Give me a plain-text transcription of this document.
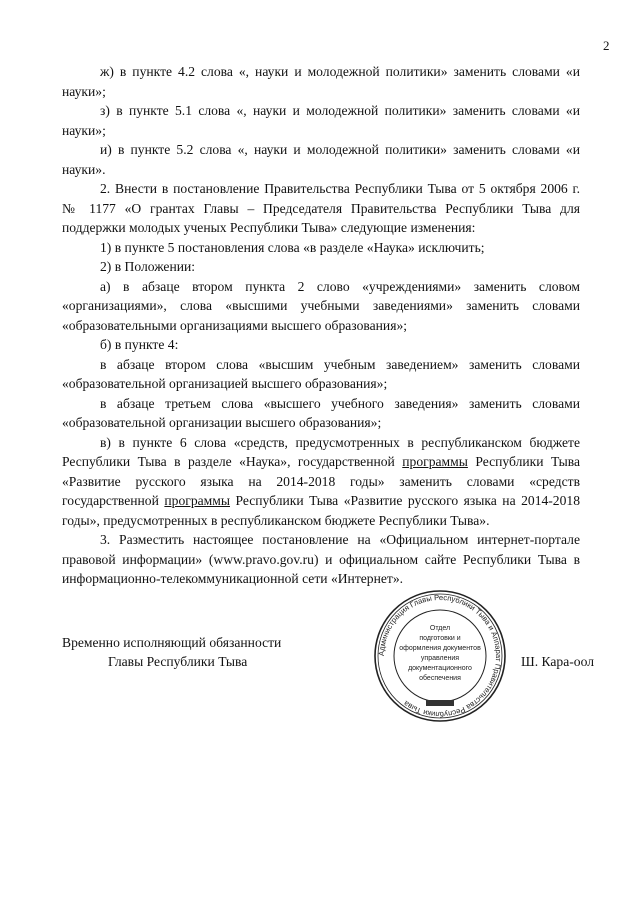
2

ж) в пункте 4.2 слова «, науки и молодежной политики» заменить словами «и науки»;

з) в пункте 5.1 слова «, науки и молодежной политики» заменить словами «и науки»;

и) в пункте 5.2 слова «, науки и молодежной политики» заменить словами «и науки».

2. Внести в постановление Правительства Республики Тыва от 5 октября 2006 г. № 1177 «О грантах Главы – Председателя Правительства Республики Тыва для поддержки молодых ученых Республики Тыва» следующие изменения:

1) в пункте 5 постановления слова «в разделе «Наука» исключить;

2) в Положении:

а) в абзаце втором пункта 2 слово «учреждениями» заменить словом «организациями», слова «высшими учебными заведениями» заменить словами «образовательными организациями высшего образования»;

б) в пункте 4:

в абзаце втором слова «высшим учебным заведением» заменить словами «образовательной организацией высшего образования»;

в абзаце третьем слова «высшего учебного заведения» заменить словами «образовательной организации высшего образования»;

в) в пункте 6 слова «средств, предусмотренных в республиканском бюджете Республики Тыва в разделе «Наука», государственной программы Республики Тыва «Развитие русского языка на 2014-2018 годы» заменить словами «средств государственной программы Республики Тыва «Развитие русского языка на 2014-2018 годы», предусмотренных в республиканском бюджете Республики Тыва».

3. Разместить настоящее постановление на «Официальном интернет-портале правовой информации» (www.pravo.gov.ru) и официальном сайте Республики Тыва в информационно-телекоммуникационной сети «Интернет».

Администрация Главы Республики Тыва и Аппарат Правительства Республики Тыва
Отдел
подготовки и
оформления документов
управления
документационного
обеспечения
Временно исполняющий обязанности
Главы Республики Тыва	Ш. Кара-оол
